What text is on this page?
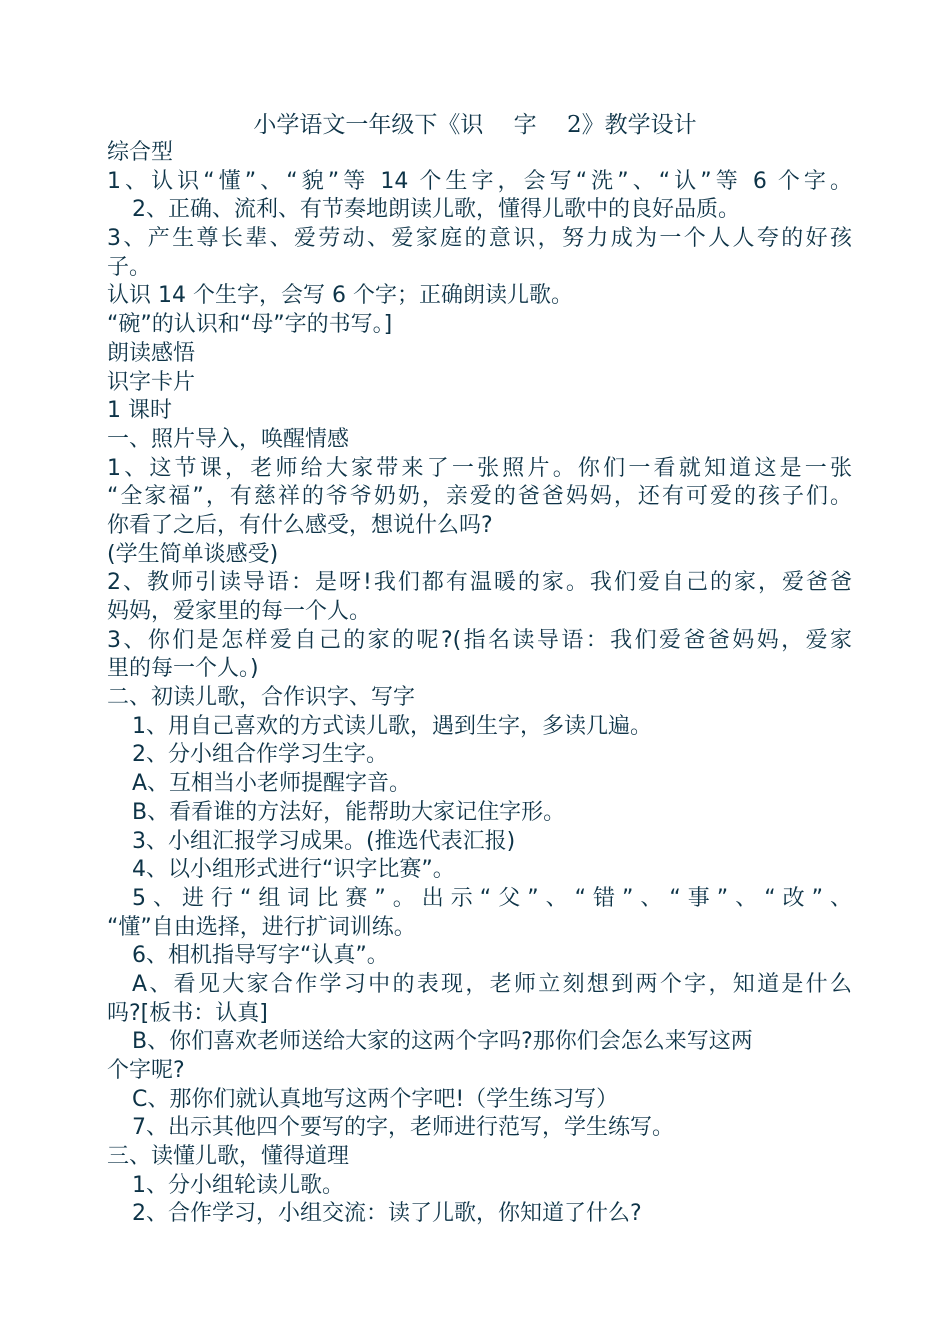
小学语文一年级下《识　 字　 2》教学设计
综合型
1、认识“懂”、“貌”等 14 个生字，会写“洗”、“认”等 6 个字。
2、正确、流利、有节奏地朗读儿歌，懂得儿歌中的良好品质。
3、产生尊长辈、爱劳动、爱家庭的意识，努力成为一个人人夸的好孩
子。
认识 14 个生字，会写 6 个字；正确朗读儿歌。
“碗”的认识和“母”字的书写。]
朗读感悟
识字卡片
1 课时
一、照片导入，唤醒情感
1、这节课，老师给大家带来了一张照片。你们一看就知道这是一张
“全家福”，有慈祥的爷爷奶奶，亲爱的爸爸妈妈，还有可爱的孩子们。
你看了之后，有什么感受，想说什么吗?
(学生简单谈感受)
2、教师引读导语：是呀!我们都有温暖的家。我们爱自己的家，爱爸爸
妈妈，爱家里的每一个人。
3、你们是怎样爱自己的家的呢?(指名读导语：我们爱爸爸妈妈，爱家
里的每一个人。)
二、初读儿歌，合作识字、写字
1、用自己喜欢的方式读儿歌，遇到生字，多读几遍。
2、分小组合作学习生字。
A、互相当小老师提醒字音。
B、看看谁的方法好，能帮助大家记住字形。
3、小组汇报学习成果。(推选代表汇报)
4、以小组形式进行“识字比赛”。
5、进行“组词比赛”。出示“父”、“错”、“事”、“改”、
“懂”自由选择，进行扩词训练。
6、相机指导写字“认真”。
A、看见大家合作学习中的表现，老师立刻想到两个字，知道是什么
吗?[板书：认真]
B、你们喜欢老师送给大家的这两个字吗?那你们会怎么来写这两
个字呢?
C、那你们就认真地写这两个字吧!（学生练习写）
7、出示其他四个要写的字，老师进行范写，学生练写。
三、读懂儿歌，懂得道理
1、分小组轮读儿歌。
2、合作学习，小组交流：读了儿歌，你知道了什么?
